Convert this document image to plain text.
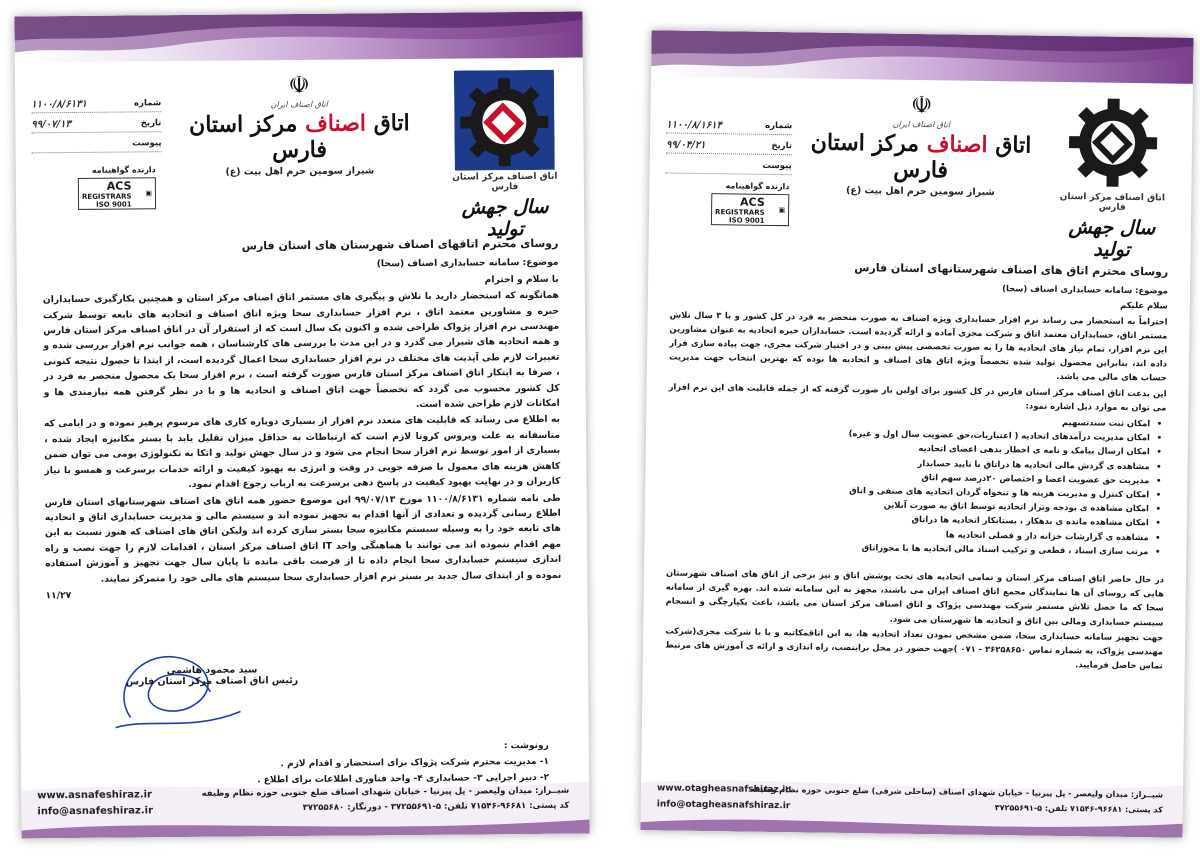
اتاق اصناف مرکز استان فارس
سال جهش تولید
☫
اتاق اصناف ایران
اتاق اصناف مرکز استان فارس
شیراز سومین حرم اهل بیت (ع)
شماره
۱۱۰۰/۸/۶۱۳۱
تاریخ
۹۹/۰۷/۱۳
پیوست
دارنده گواهینامه
ACS
REGISTRARS
ISO 9001
▣
روسای محترم اتاقهای اصناف شهرستان های استان فارس

موضوع: سامانه حسابداری اصناف (سحا)

با سلام و احترام

همانگونه که استحضار دارید با تلاش و پیگیری های مستمر اتاق اصناف مرکز استان و همچنین بکارگیری حسابداران خبره و مشاورین معتمد اتاق ، نرم افزار حسابداری سحا ویژه اتاق اصناف و اتحادیه های تابعه توسط شرکت مهندسی نرم افزار پژواک طراحی شده و اکنون یک سال است که از استقرار آن در اتاق اصناف مرکز استان فارس و همه اتحادیه های شیراز می گذرد و در این مدت با بررسی های کارشناسان ، همه جوانب نرم افزار بررسی شده و تغییرات لازم طی آپدیت های مختلف در نرم افزار حسابداری سحا اعمال گردیده است، از ابتدا تا حصول نتیجه کنونی ، صرفا به ابتکار اتاق اصناف مرکز استان فارس صورت گرفته است ، نرم افزار سحا یک محصول منحصر به فرد در کل کشور محسوب می گردد که تخصصاً جهت اتاق اصناف و اتحادیه ها و با در نظر گرفتن همه نیازمندی ها و امکانات لازم طراحی شده است.

به اطلاع می رساند که قابلیت های متعدد نرم افزار از بسیاری دوباره کاری های مرسوم پرهیز نموده و در ایامی که متاسفانه به علت ویروس کرونا لازم است که ارتباطات به حداقل میزان تقلیل یابد با بستر مکانیزه ایجاد شده ، بسیاری از امور توسط نرم افزار سحا انجام می شود و در سال جهش تولید و اتکا به تکنولوژی بومی می توان ضمن کاهش هزینه های معمول با صرفه جویی در وقت و انرژی به بهبود کیفیت و ارائه خدمات برسرعت و همسو با نیاز کاربران و در نهایت بهبود کیفیت در پاسخ دهی برسرعت به ارباب رجوع اقدام نمود.

طی نامه شماره ۱۱۰۰/۸/۶۱۳۱ مورخ ۹۹/۰۷/۱۳ این موضوع حضور همه اتاق های اصناف شهرستانهای استان فارس اطلاع رسانی گردیده و تعدادی از آنها اقدام به تجهیز نموده اند و سیستم مالی و مدیریت حسابداری اتاق و اتحادیه های تابعه خود را به وسیله سیستم مکانیزه سحا بستر سازی کرده اند ولیکن اتاق های اصناف که هنوز نسبت به این مهم اقدام ننموده اند می توانند با هماهنگی واحد IT اتاق اصناف مرکز استان ، اقدامات لازم را جهت نصب و راه اندازی سیستم حسابداری سحا انجام داده تا از فرصت باقی مانده تا پایان سال جهت تجهیز و آموزش استفاده نموده و از ابتدای سال جدید بر بستر نرم افزار حسابداری سحا سیستم های مالی خود را متمرکز نمایند.

۱۱/۲۷

سید محمود هاشمی
رئیس اتاق اصناف مرکز استان فارس
رونوشت :
۱- مدیریت محترم شرکت پژواک برای استحضار و اقدام لازم .
۲- دبیر اجرایی ۳- حسابداری ۴- واحد فناوری اطلاعات برای اطلاع .
شیــراز: میدان ولیعصر - پل پیرنیا - خیابان شهدای اصناف ضلع جنوبی حوزه نظام وظیفه
کد پستی: ۹۶۶۸۱-۷۱۵۴۶ تلفن: ۵-۳۷۲۵۵۶۹۱ - دورنگار: ۳۷۲۵۵۶۸۰
www.asnafeshiraz.ir
info@asnafeshiraz.ir
اتاق اصناف مرکز استان فارس
سال جهش تولید
☫
اتاق اصناف ایران
اتاق اصناف مرکز استان فارس
شیراز سومین حرم اهل بیت (ع)
شماره
۱۱۰۰/۸/۱۶۱۴
تاریخ
۹۹/۰۴/۲۱
پیوست
دارنده گواهینامه
ACS
REGISTRARS
ISO 9001
▣
روسای محترم اتاق های اصناف شهرستانهای استان فارس

موضوع: سامانه حسابداری اصناف (سحا)

سلام علیکم

احتراماً به استحضار می رساند نرم افزار حسابداری ویژه اصناف به صورت منحصر به فرد در کل کشور و با ۳ سال تلاش مستمر اتاق، حسابداران معتمد اتاق و شرکت مجری آماده و ارائه گردیده است. حسابداران خبره اتحادیه به عنوان مشاورین این نرم افزار، تمام نیاز های اتحادیه ها را به صورت تخصصی پیش بینی و در اختیار شرکت مجری، جهت پیاده سازی قرار داده اند، بنابراین محصول تولید شده تخصصاً ویژه اتاق های اصناف و اتحادیه ها بوده که بهترین انتخاب جهت مدیریت حساب های مالی می باشد.

این بدعت اتاق اصناف مرکز استان فارس در کل کشور برای اولین بار صورت گرفته که از جمله قابلیت های این نرم افزار می توان به موارد ذیل اشاره نمود:

• امکان ثبت سندتسهیم
• امکان مدیریت درآمدهای اتحادیه ( اعتباریات،حق عضویت سال اول و غیره)
• امکان ارسال پیامک و نامه ی اخطار بدهی اعضای اتحادیه
• مشاهده ی گردش مالی اتحادیه ها دراتاق با تایید حسابدار
• مدیریت حق عضویت اعضا و اختصاص ۲۰درصد سهم اتاق
• امکان کنترل و مدیریت هزینه ها و تنخواه گردان اتحادیه های صنفی و اتاق
• امکان مشاهده ی بودجه وتراز اتحادیه توسط اتاق به صورت آنلاین
• امکان مشاهده مانده ی بدهکار ، بستانکار اتحادیه ها دراتاق
• مشاهده ی گزارشات خزانه دار و فصلی اتحادیه ها
• مرتب سازی اسناد ، قطعی و ترکیب اسناد مالی اتحادیه ها با مجوزاتاق

در حال حاضر اتاق اصناف مرکز استان و تمامی اتحادیه های تحت پوشش اتاق و نیز برخی از اتاق های اصناف شهرستان هایی که روسای آن ها نمایندگان مجمع اتاق اصناف ایران می باشند، مجهز به این سامانه شده اند. بهره گیری از سامانه سحا که ما حصل تلاش مستمر شرکت مهندسی پژواک و اتاق اصناف مرکز استان می باشد، باعث یکپارچگی و انسجام سیستم حسابداری ومالی بین اتاق و اتحادیه ها شهرستان می شود.

جهت تجهیز سامانه حسابداری سحا، ضمن مشخص نمودن تعداد اتحادیه ها، به این اتاقمکاتبه و یا با شرکت مجری(شرکت مهندسی پژواک، به شماره تماس ۳۶۲۵۸۶۵۰ - ۰۷۱ )جهت حضور در محل برابنصب، راه اندازی و ارائه ی آموزش های مرتبط تماس حاصل فرمایید.

شیــراز: میدان ولیعصر - پل پیرنیا - خیابان شهدای اصناف (ساحلی شرقی) ضلع جنوبی حوزه نظام وظیفه
کد پستی: ۹۶۶۸۱-۷۱۵۴۶ تلفن: ۵-۳۷۲۵۵۶۹۱
www.otagheasnafshiraz.ir
info@otagheasnafshiraz.ir
